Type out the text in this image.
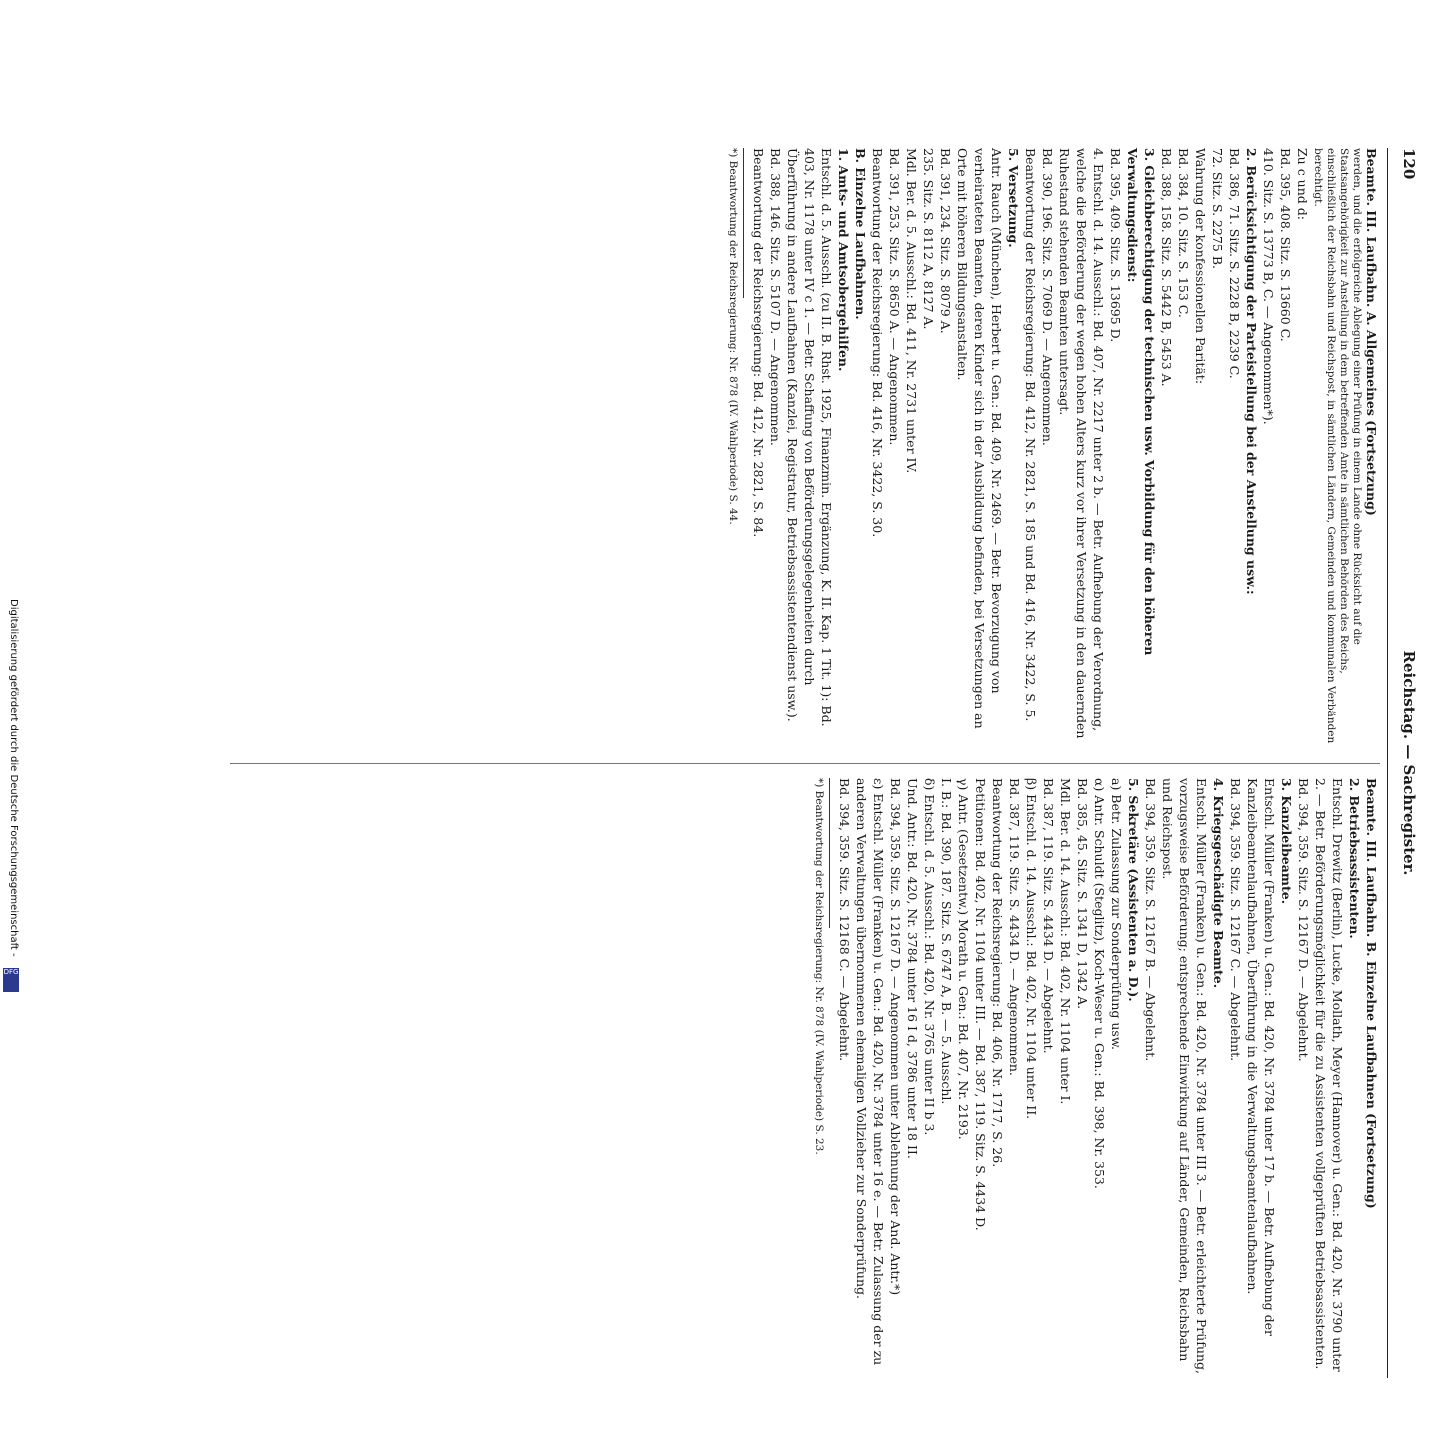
120
Reichstag. — Sachregister.
Beamte. III. Laufbahn. A. Allgemeines (Fortsetzung)
werden, und die erfolgreiche Ablegung einer Prüfung in einem Lande ohne Rücksicht auf die Staatsangehörigkeit zur Anstellung in dem betreffenden Amte in sämtlichen Behörden des Reichs, einschließlich der Reichsbahn und Reichspost, in sämtlichen Ländern, Gemeinden und kommunalen Verbänden berechtigt.
Zu c und d:
Bd. 395, 408. Sitz. S. 13660 C.
410. Sitz. S. 13773 B, C. — Angenommen*).
2. Berücksichtigung der Parteistellung bei der Anstellung usw.:
Bd. 386, 71. Sitz. S. 2228 B, 2239 C.
72. Sitz. S. 2275 B.
Wahrung der konfessionellen Parität:
Bd. 384, 10. Sitz. S. 153 C.
Bd. 388, 158. Sitz. S. 5442 B, 5453 A.
3. Gleichberechtigung der technischen usw. Vorbildung für den höheren Verwaltungsdienst:
Bd. 395, 409. Sitz. S. 13695 D.
4. Entschl. d. 14. Ausschl.: Bd. 407, Nr. 2217 unter 2 b. — Betr. Aufhebung der Verordnung, welche die Beförderung der wegen hohen Alters kurz vor ihrer Versetzung in den dauernden Ruhestand stehenden Beamten untersagt.
Bd. 390, 196. Sitz. S. 7069 D. — Angenommen.
Beantwortung der Reichsregierung: Bd. 412, Nr. 2821, S. 185 und Bd. 416, Nr. 3422, S. 5.
5. Versetzung.
Antr. Rauch (München), Herbert u. Gen.: Bd. 409, Nr. 2469. — Betr. Bevorzugung von verheirateten Beamten, deren Kinder sich in der Ausbildung befinden, bei Versetzungen an Orte mit höheren Bildungsanstalten.
Bd. 391, 234. Sitz. S. 8079 A.
235. Sitz. S. 8112 A, 8127 A.
Mdl. Ber. d. 5. Ausschl.: Bd. 411, Nr. 2731 unter IV.
Bd. 391, 253. Sitz. S. 8650 A. — Angenommen.
Beantwortung der Reichsregierung: Bd. 416, Nr. 3422, S. 30.
B. Einzelne Laufbahnen.
1. Amts- und Amtsobergehilfen.
Entschl. d. 5. Ausschl. (zu II. B. Rhst. 1925, Finanzmin. Ergänzung, K. II. Kap. 1 Tit. 1): Bd. 403, Nr. 1178 unter IV c 1. — Betr. Schaffung von Beförderungsgelegenheiten durch Überführung in andere Laufbahnen (Kanzlei, Registratur, Betriebsassistentendienst usw.).
Bd. 388, 146. Sitz. S. 5107 D. — Angenommen.
Beantwortung der Reichsregierung: Bd. 412, Nr. 2821, S. 84.
*) Beantwortung der Reichsregierung: Nr. 878 (IV. Wahlperiode) S. 44.
Beamte. III. Laufbahn. B. Einzelne Laufbahnen (Fortsetzung)
2. Betriebsassistenten.
Entschl. Drewitz (Berlin), Lucke, Mollath, Meyer (Hannover) u. Gen.: Bd. 420, Nr. 3790 unter 2. — Betr. Beförderungsmöglichkeit für die zu Assistenten vollgeprüften Betriebsassistenten.
Bd. 394, 359. Sitz. S. 12167 D. — Abgelehnt.
3. Kanzleibeamte.
Entschl. Müller (Franken) u. Gen.: Bd. 420, Nr. 3784 unter 17 b. — Betr. Aufhebung der Kanzleibeamtenlaufbahnen, Überführung in die Verwaltungsbeamtenlaufbahnen.
Bd. 394, 359. Sitz. S. 12167 C. — Abgelehnt.
4. Kriegsgeschädigte Beamte.
Entschl. Müller (Franken) u. Gen.: Bd. 420, Nr. 3784 unter III 3. — Betr. erleichterte Prüfung, vorzugsweise Beförderung; entsprechende Einwirkung auf Länder, Gemeinden, Reichsbahn und Reichspost.
Bd. 394, 359. Sitz. S. 12167 B. — Abgelehnt.
5. Sekretäre (Assistenten a. D.).
a) Betr. Zulassung zur Sonderprüfung usw.
α) Antr. Schuldt (Steglitz), Koch-Weser u. Gen.: Bd. 398, Nr. 353.
Bd. 385, 45. Sitz. S. 1341 D, 1342 A.
Mdl. Ber. d. 14. Ausschl.: Bd. 402, Nr. 1104 unter I.
Bd. 387, 119. Sitz. S. 4434 D. — Abgelehnt.
β) Entschl. d. 14. Ausschl.: Bd. 402, Nr. 1104 unter II.
Bd. 387, 119. Sitz. S. 4434 D. — Angenommen.
Beantwortung der Reichsregierung: Bd. 406, Nr. 1717, S. 26.
Petitionen: Bd. 402, Nr. 1104 unter III. — Bd. 387, 119. Sitz. S. 4434 D.
γ) Antr. (Gesetzentw.) Morath u. Gen.: Bd. 407, Nr. 2193.
I. B.: Bd. 390, 187. Sitz. S. 6747 A, B. — 5. Ausschl.
δ) Entschl. d. 5. Ausschl.: Bd. 420, Nr. 3765 unter II b 3.
Und. Antr.: Bd. 420, Nr. 3784 unter 16 I d, 3786 unter 18 II.
Bd. 394, 359. Sitz. S. 12167 D. — Angenommen unter Ablehnung der And. Antr.*)
ε) Entschl. Müller (Franken) u. Gen.: Bd. 420, Nr. 3784 unter 16 e. — Betr. Zulassung der zu anderen Verwaltungen übernommenen ehemaligen Vollzieher zur Sonderprüfung.
Bd. 394, 359. Sitz. S. 12168 C. — Abgelehnt.
*) Beantwortung der Reichsregierung: Nr. 878 (IV. Wahlperiode) S. 23.
Digitalisierung gefördert durch die Deutsche Forschungsgemeinschaft -
DFG
